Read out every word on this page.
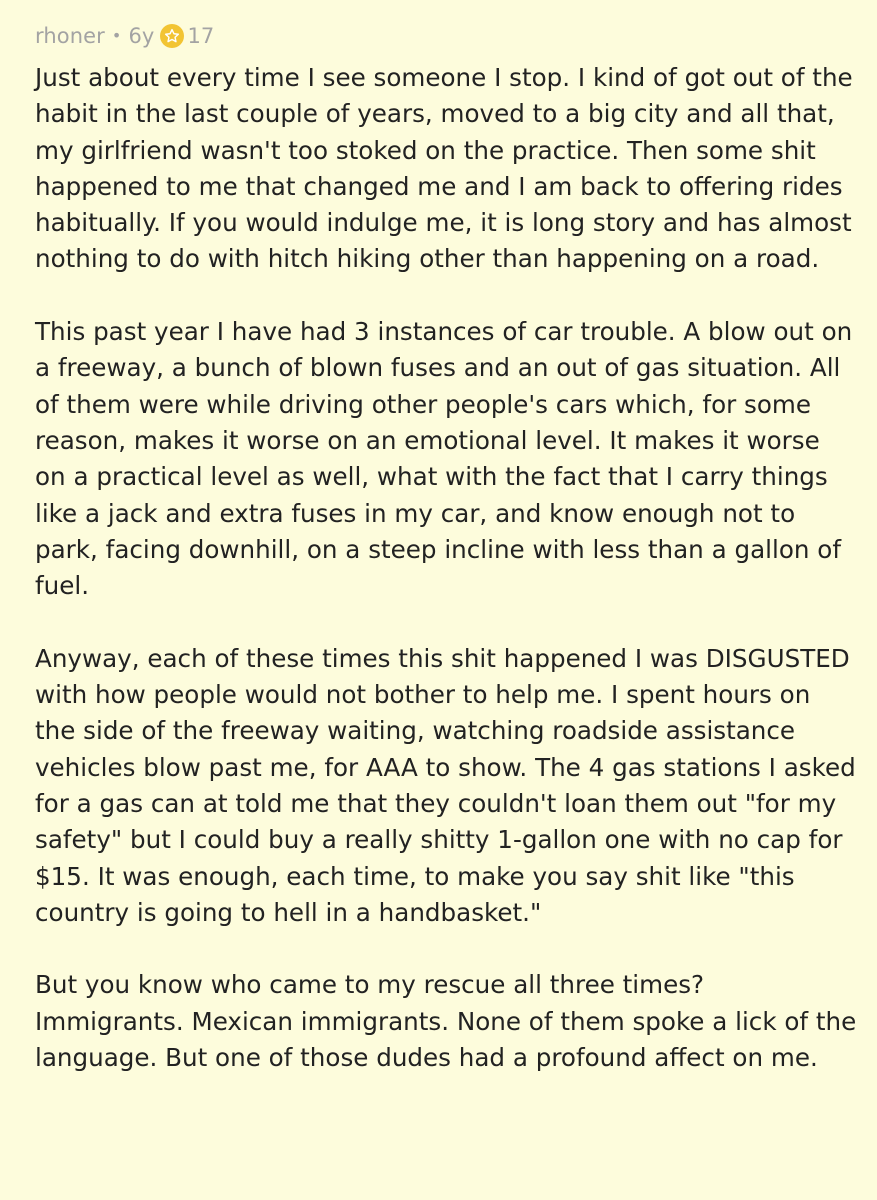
rhoner • 6y 17

Just about every time I see someone I stop. I kind of got out of the habit in the last couple of years, moved to a big city and all that, my girlfriend wasn't too stoked on the practice. Then some shit happened to me that changed me and I am back to offering rides habitually. If you would indulge me, it is long story and has almost nothing to do with hitch hiking other than happening on a road.

This past year I have had 3 instances of car trouble. A blow out on a freeway, a bunch of blown fuses and an out of gas situation. All of them were while driving other people's cars which, for some reason, makes it worse on an emotional level. It makes it worse on a practical level as well, what with the fact that I carry things like a jack and extra fuses in my car, and know enough not to park, facing downhill, on a steep incline with less than a gallon of fuel.

Anyway, each of these times this shit happened I was DISGUSTED with how people would not bother to help me. I spent hours on the side of the freeway waiting, watching roadside assistance vehicles blow past me, for AAA to show. The 4 gas stations I asked for a gas can at told me that they couldn't loan them out "for my safety" but I could buy a really shitty 1-gallon one with no cap for $15. It was enough, each time, to make you say shit like "this country is going to hell in a handbasket."

But you know who came to my rescue all three times? Immigrants. Mexican immigrants. None of them spoke a lick of the language. But one of those dudes had a profound affect on me.
